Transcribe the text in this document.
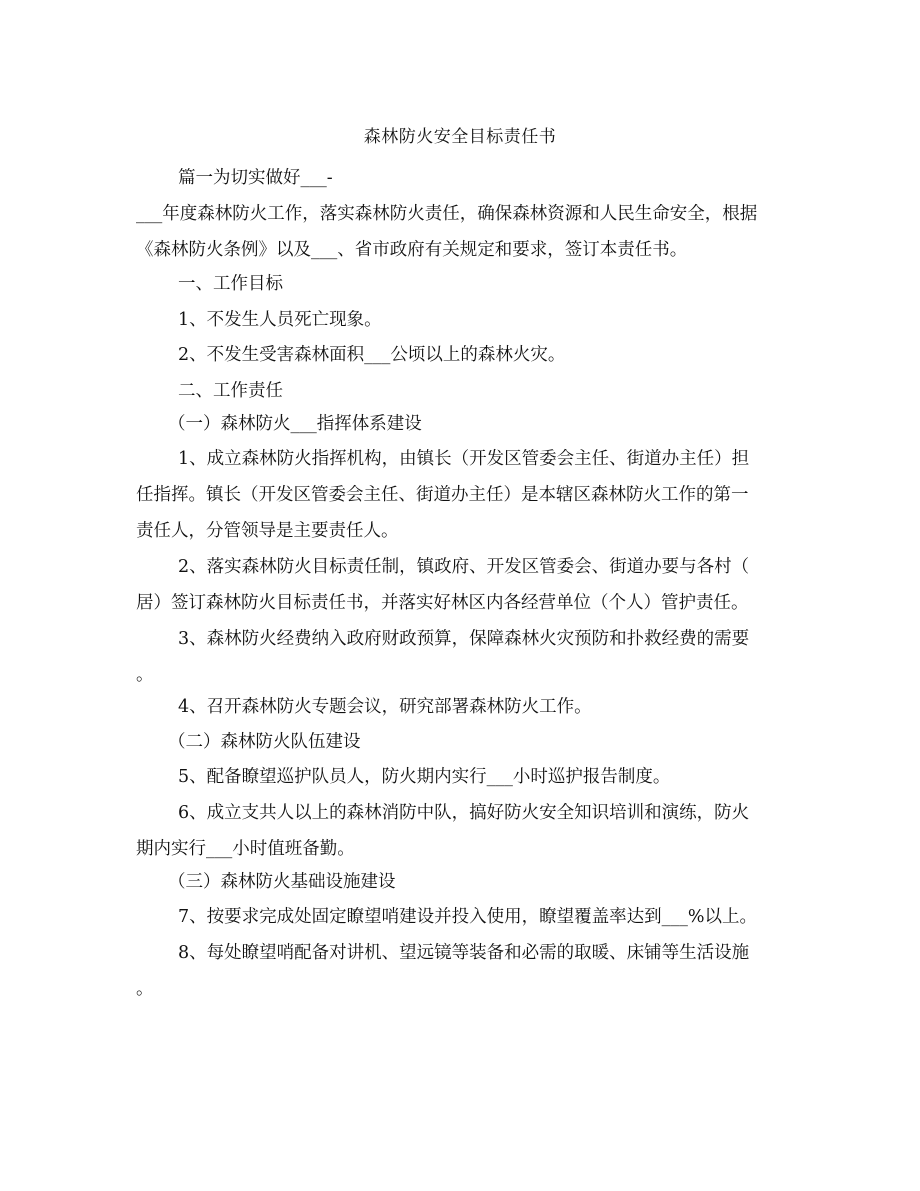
森林防火安全目标责任书
篇一为切实做好___-
___年度森林防火工作，落实森林防火责任，确保森林资源和人民生命安全，根据
《森林防火条例》以及___、省市政府有关规定和要求，签订本责任书。
一、工作目标
1、不发生人员死亡现象。
2、不发生受害森林面积___公顷以上的森林火灾。
二、工作责任
（一）森林防火___指挥体系建设
1、成立森林防火指挥机构，由镇长（开发区管委会主任、街道办主任）担
任指挥。镇长（开发区管委会主任、街道办主任）是本辖区森林防火工作的第一
责任人，分管领导是主要责任人。
2、落实森林防火目标责任制，镇政府、开发区管委会、街道办要与各村（
居）签订森林防火目标责任书，并落实好林区内各经营单位（个人）管护责任。
3、森林防火经费纳入政府财政预算，保障森林火灾预防和扑救经费的需要
。
4、召开森林防火专题会议，研究部署森林防火工作。
（二）森林防火队伍建设
5、配备瞭望巡护队员人，防火期内实行___小时巡护报告制度。
6、成立支共人以上的森林消防中队，搞好防火安全知识培训和演练，防火
期内实行___小时值班备勤。
（三）森林防火基础设施建设
7、按要求完成处固定瞭望哨建设并投入使用，瞭望覆盖率达到___%以上。
8、每处瞭望哨配备对讲机、望远镜等装备和必需的取暖、床铺等生活设施
。
